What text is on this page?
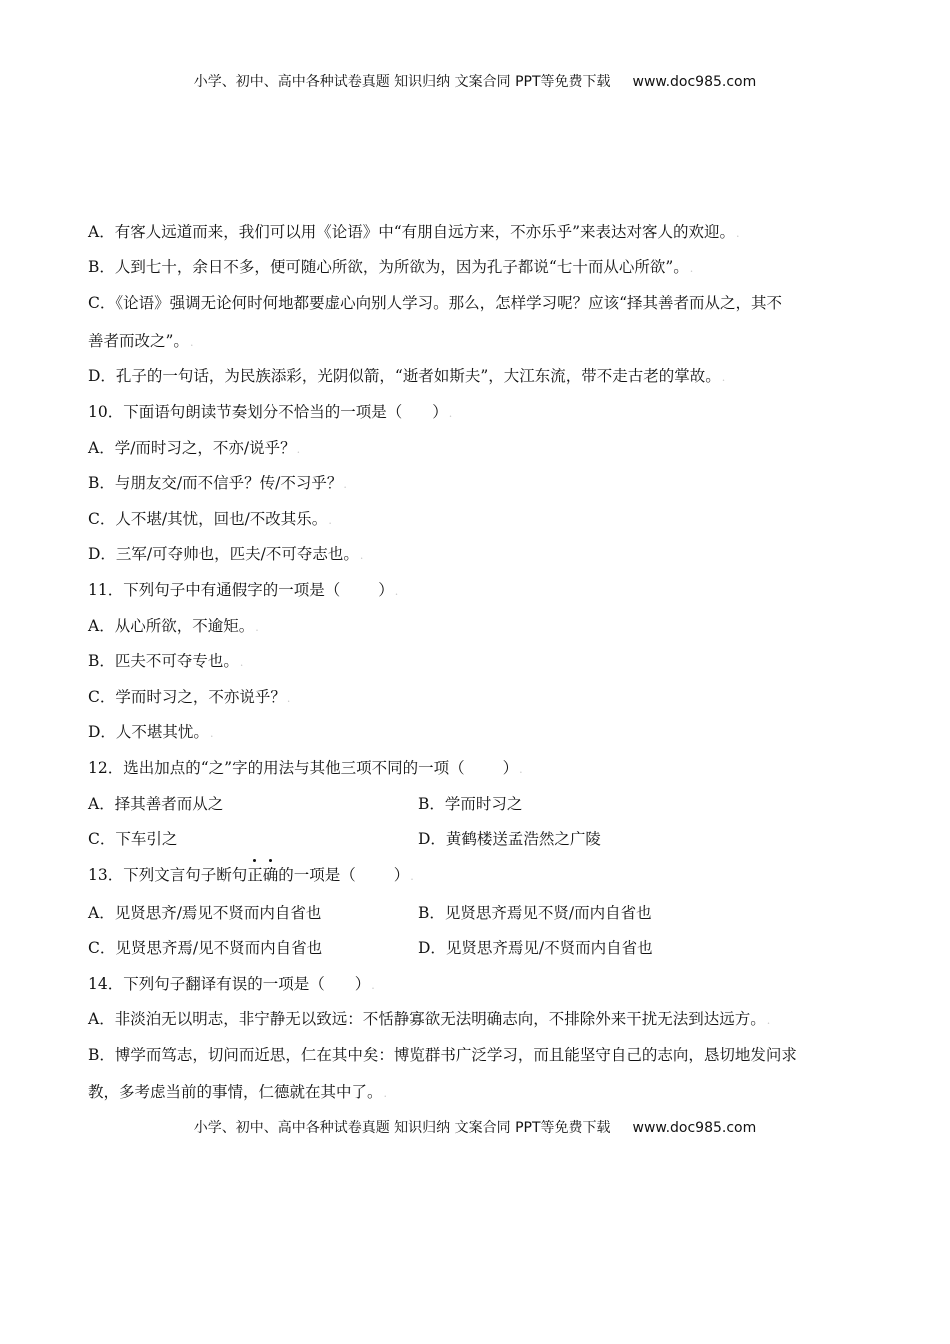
小学、初中、高中各种试卷真题 知识归纳 文案合同 PPT等免费下载 www.doc985.com
A．有客人远道而来，我们可以用《论语》中“有朋自远方来，不亦乐乎”来表达对客人的欢迎。.
B．人到七十，余日不多，便可随心所欲，为所欲为，因为孔子都说“七十而从心所欲”。.
C．《论语》强调无论何时何地都要虚心向别人学习。那么，怎样学习呢？应该“择其善者而从之，其不
善者而改之”。.
D．孔子的一句话，为民族添彩，光阴似箭，“逝者如斯夫”，大江东流，带不走古老的掌故。.
10．下面语句朗读节奏划分不恰当的一项是（ ）.
A．学/而时习之，不亦/说乎？.
B．与朋友交/而不信乎？传/不习乎？.
C．人不堪/其忧，回也/不改其乐。.
D．三军/可夺帅也，匹夫/不可夺志也。.
11．下列句子中有通假字的一项是（ ）.
A．从心所欲，不逾矩。.
B．匹夫不可夺专也。.
C．学而时习之，不亦说乎？.
D．人不堪其忧。.
12．选出加点的“之”字的用法与其他三项不同的一项（ ）.
A．择其善者而从之	B．学而时习之
C．下车引之	D．黄鹤楼送孟浩然之广陵
13．下列文言句子断句正确的一项是（ ）.
A．见贤思齐/焉见不贤而内自省也	B．见贤思齐焉见不贤/而内自省也
C．见贤思齐焉/见不贤而内自省也	D．见贤思齐焉见/不贤而内自省也
14．下列句子翻译有误的一项是（ ）.
A．非淡泊无以明志，非宁静无以致远：不恬静寡欲无法明确志向，不排除外来干扰无法到达远方。.
B．博学而笃志，切问而近思，仁在其中矣：博览群书广泛学习，而且能坚守自己的志向，恳切地发问求
教，多考虑当前的事情，仁德就在其中了。.
小学、初中、高中各种试卷真题 知识归纳 文案合同 PPT等免费下载 www.doc985.com
